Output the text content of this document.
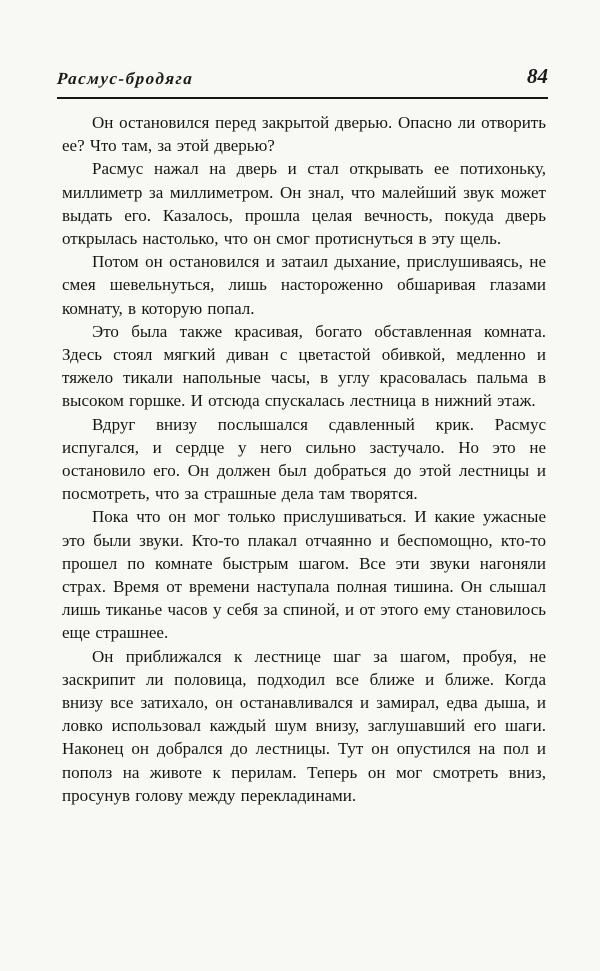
Расмус-бродяга	84

Он остановился перед закрытой дверью. Опасно ли отворить ее? Что там, за этой дверью?

Расмус нажал на дверь и стал открывать ее потихоньку, миллиметр за миллиметром. Он знал, что малейший звук может выдать его. Казалось, прошла целая вечность, покуда дверь открылась настолько, что он смог протиснуться в эту щель.

Потом он остановился и затаил дыхание, прислушиваясь, не смея шевельнуться, лишь настороженно обшаривая глазами комнату, в которую попал.

Это была также красивая, богато обставленная комната. Здесь стоял мягкий диван с цветастой обивкой, медленно и тяжело тикали напольные часы, в углу красовалась пальма в высоком горшке. И отсюда спускалась лестница в нижний этаж.

Вдруг внизу послышался сдавленный крик. Расмус испугался, и сердце у него сильно застучало. Но это не остановило его. Он должен был добраться до этой лестницы и посмотреть, что за страшные дела там творятся.

Пока что он мог только прислушиваться. И какие ужасные это были звуки. Кто-то плакал отчаянно и беспомощно, кто-то прошел по комнате быстрым шагом. Все эти звуки нагоняли страх. Время от времени наступала полная тишина. Он слышал лишь тиканье часов у себя за спиной, и от этого ему становилось еще страшнее.

Он приближался к лестнице шаг за шагом, пробуя, не заскрипит ли половица, подходил все ближе и ближе. Когда внизу все затихало, он останавливался и замирал, едва дыша, и ловко использовал каждый шум внизу, заглушавший его шаги. Наконец он добрался до лестницы. Тут он опустился на пол и пополз на животе к перилам. Теперь он мог смотреть вниз, просунув голову между перекладинами.
